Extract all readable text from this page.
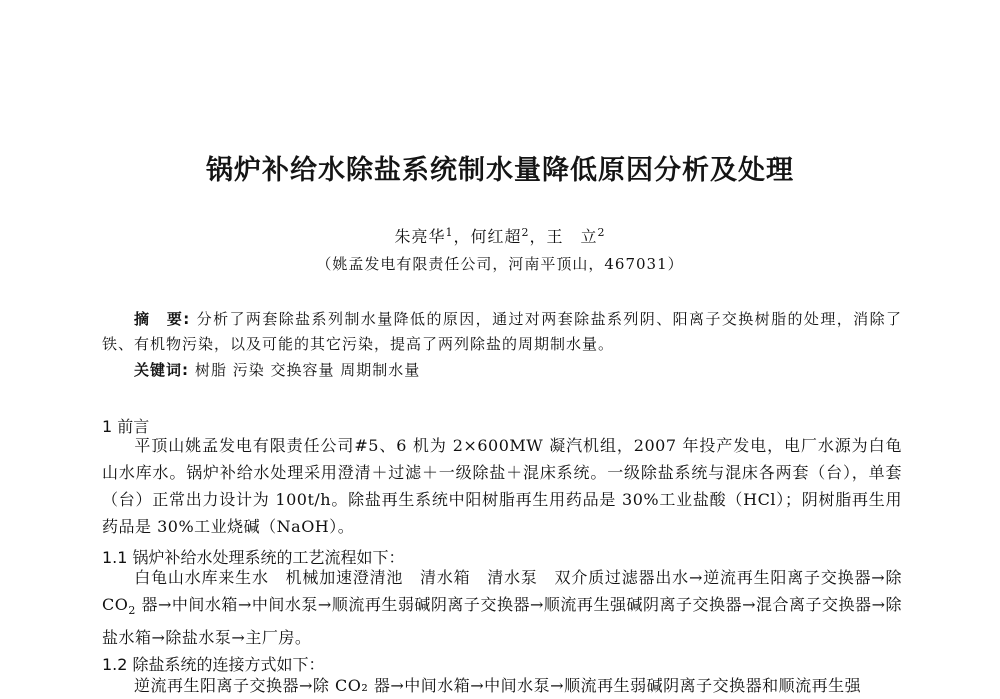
锅炉补给水除盐系统制水量降低原因分析及处理
朱亮华$^1$，何红超$^2$，王　立$^2$
（姚孟发电有限责任公司，河南平顶山，467031）
摘　要: 分析了两套除盐系列制水量降低的原因，通过对两套除盐系列阴、阳离子交换树脂的处理，消除了铁、有机物污染，以及可能的其它污染，提高了两列除盐的周期制水量。
关键词: 树脂 污染 交换容量 周期制水量
1 前言
平顶山姚孟发电有限责任公司#5、6 机为 2×600MW 凝汽机组，2007 年投产发电，电厂水源为白龟山水库水。锅炉补给水处理采用澄清＋过滤＋一级除盐＋混床系统。一级除盐系统与混床各两套（台），单套（台）正常出力设计为 100t/h。除盐再生系统中阳树脂再生用药品是 30%工业盐酸（HCl）；阴树脂再生用药品是 30%工业烧碱（NaOH）。
1.1 锅炉补给水处理系统的工艺流程如下：
白龟山水库来生水　机械加速澄清池　清水箱　清水泵　双介质过滤器出水→逆流再生阳离子交换器→除 $CO_2$ 器→中间水箱→中间水泵→顺流再生弱碱阴离子交换器→顺流再生强碱阴离子交换器→混合离子交换器→除盐水箱→除盐水泵→主厂房。
1.2 除盐系统的连接方式如下：
逆流再生阳离子交换器→除 CO₂ 器→中间水箱→中间水泵→顺流再生弱碱阴离子交换器和顺流再生强
